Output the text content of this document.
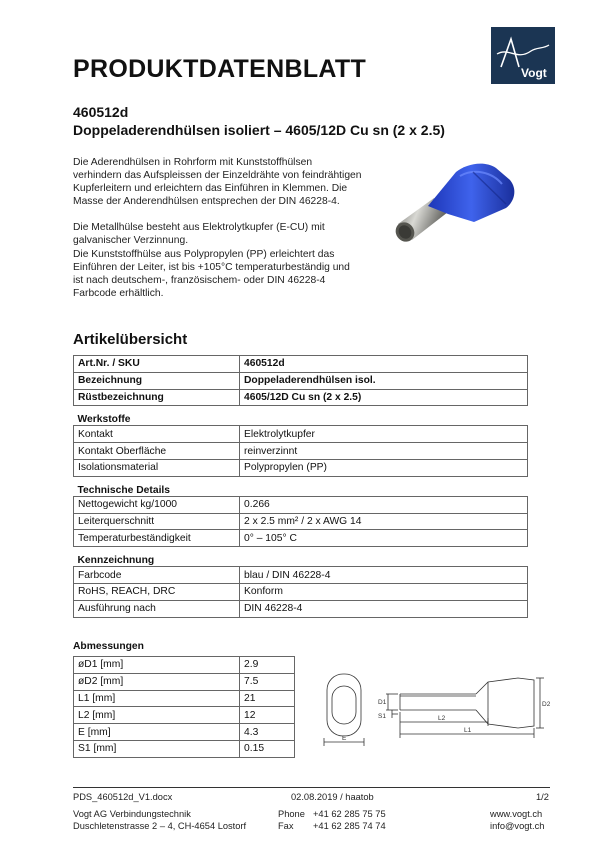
PRODUKTDATENBLATT	Vogt
460512d
Doppeladerendhülsen isoliert – 4605/12D Cu sn (2 x 2.5)

Die Aderendhülsen in Rohrform mit Kunststoffhülsen verhindern das Aufspleissen der Einzeldrähte von feindrähtigen Kupferleitern und erleichtern das Einführen in Klemmen. Die Masse der Anderendhülsen entsprechen der DIN 46228-4.

Die Metallhülse besteht aus Elektrolytkupfer (E-CU) mit galvanischer Verzinnung.

Die Kunststoffhülse aus Polypropylen (PP) erleichtert das Einführen der Leiter, ist bis +105°C temperaturbeständig und ist nach deutschem-, französischem- oder DIN 46228-4 Farbcode erhältlich.

Artikelübersicht
Art.Nr. / SKU	460512d
Bezeichnung	Doppeladerendhülsen isol.
Rüstbezeichnung	4605/12D Cu sn (2 x 2.5)
Werkstoffe	
Kontakt	Elektrolytkupfer
Kontakt Oberfläche	reinverzinnt
Isolationsmaterial	Polypropylen (PP)
Technische Details	
Nettogewicht kg/1000	0.266
Leiterquerschnitt	2 x 2.5 mm² / 2 x AWG 14
Temperaturbeständigkeit	0° – 105° C
Kennzeichnung	
Farbcode	blau / DIN 46228-4
RoHS, REACH, DRC	Konform
Ausführung nach	DIN 46228-4
Abmessungen
øD1 [mm]	2.9
øD2 [mm]	7.5
L1 [mm]	21
L2 [mm]	12
E [mm]	4.3
S1 [mm]	0.15
E
D1
S1
D2
L2
L1
PDS_460512d_V1.docx	02.08.2019 / haatob	1/2
Vogt AG Verbindungstechnik
Duschletenstrasse 2 – 4, CH-4654 Lostorf
Phone
Fax
+41 62 285 75 75
+41 62 285 74 74
www.vogt.ch
info@vogt.ch
